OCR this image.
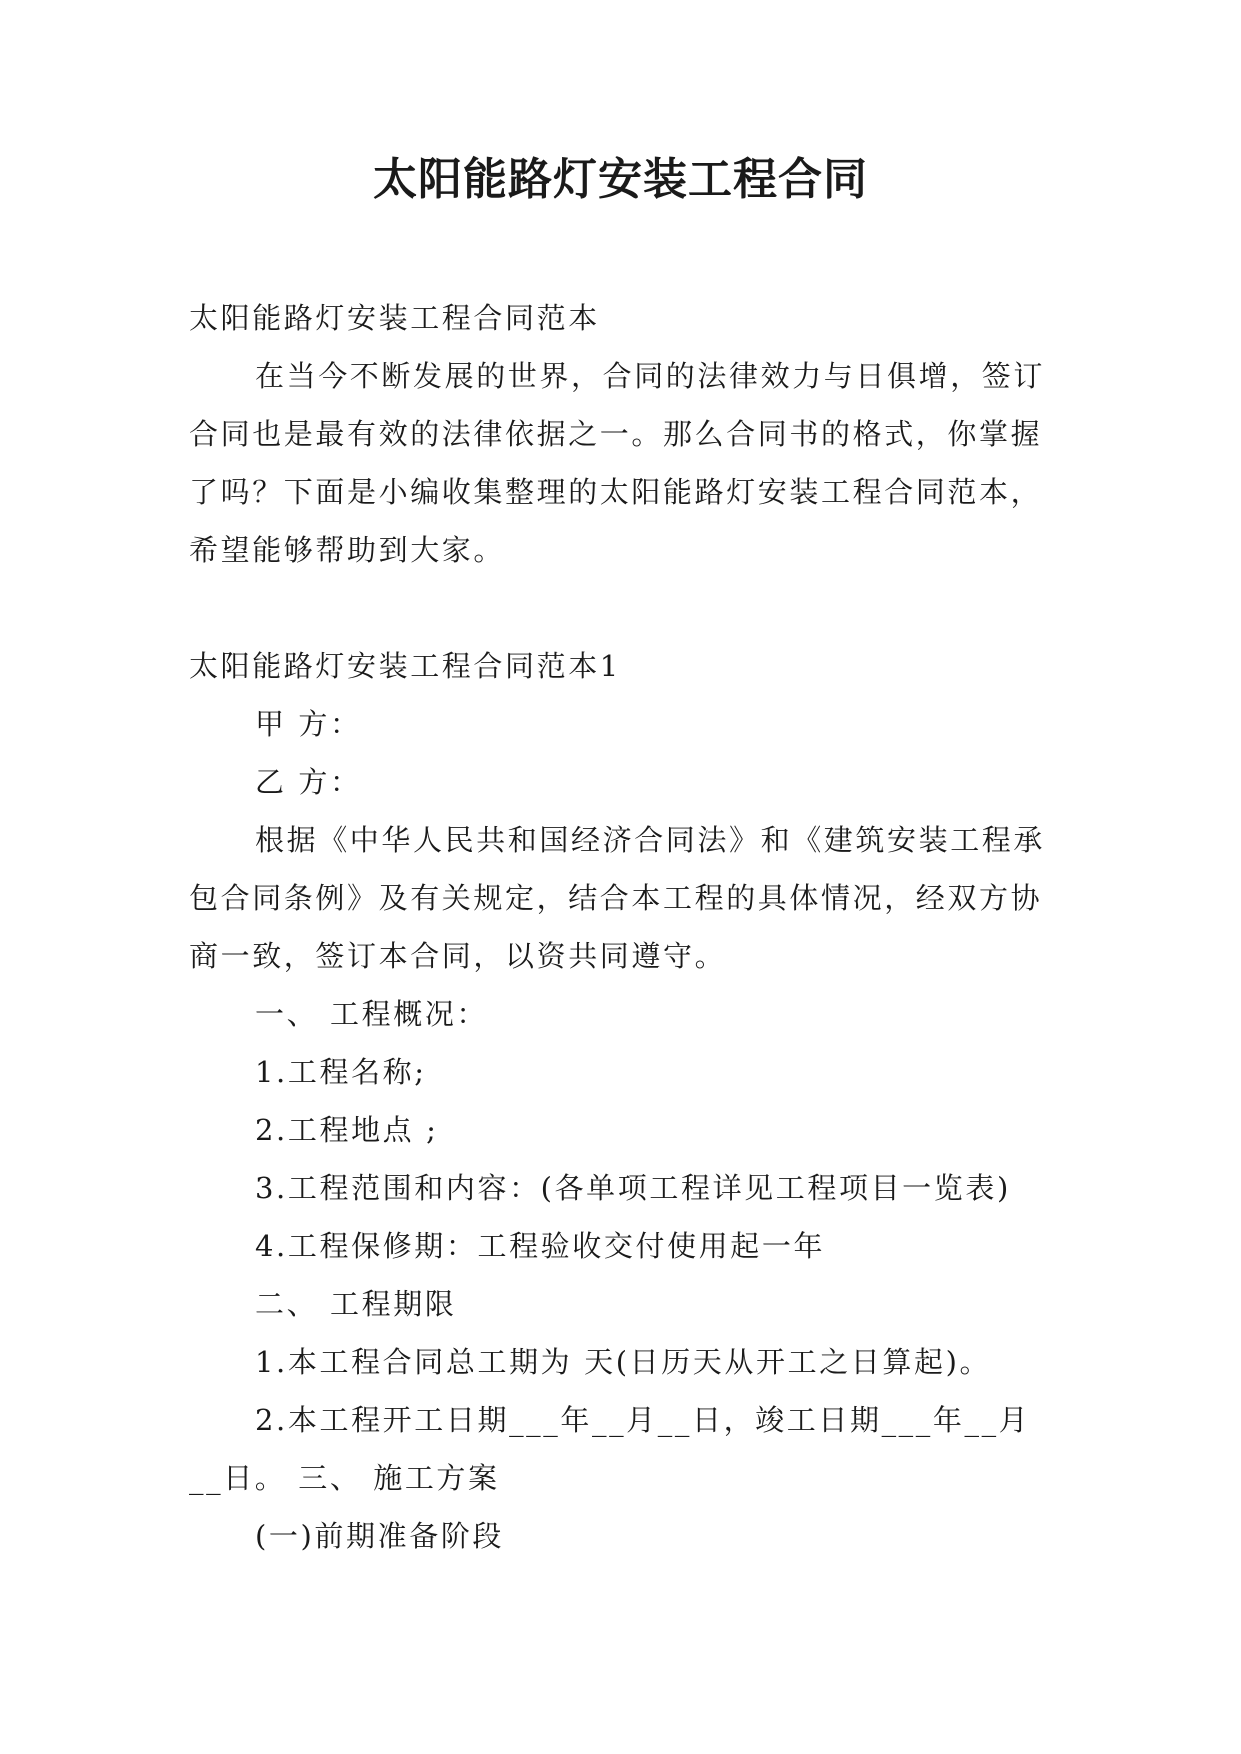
太阳能路灯安装工程合同

太阳能路灯安装工程合同范本

在当今不断发展的世界，合同的法律效力与日俱增，签订合同也是最有效的法律依据之一。那么合同书的格式，你掌握了吗？下面是小编收集整理的太阳能路灯安装工程合同范本，希望能够帮助到大家。

太阳能路灯安装工程合同范本1

甲 方：

乙 方：

根据《中华人民共和国经济合同法》和《建筑安装工程承包合同条例》及有关规定，结合本工程的具体情况，经双方协商一致，签订本合同，以资共同遵守。

一、 工程概况：

1.工程名称;

2.工程地点 ;

3.工程范围和内容：(各单项工程详见工程项目一览表)

4.工程保修期：工程验收交付使用起一年

二、 工程期限

1.本工程合同总工期为 天(日历天从开工之日算起)。

2.本工程开工日期___年__月__日，竣工日期___年__月__日。 三、 施工方案

(一)前期准备阶段
